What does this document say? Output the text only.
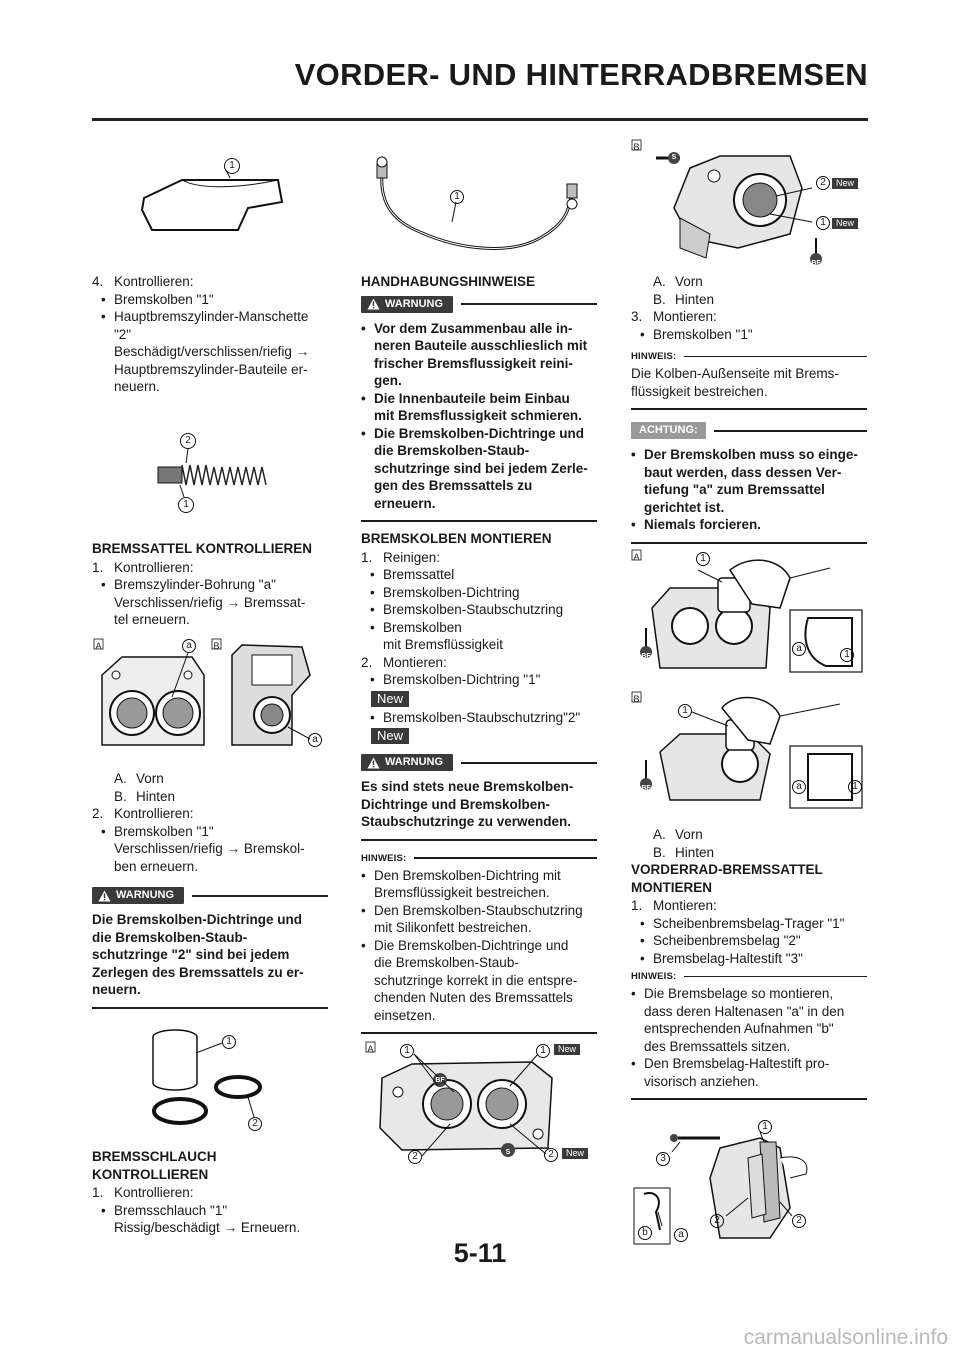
VORDER- UND HINTERRADBREMSEN
1
4. Kontrollieren:
• Bremskolben "1"
• Hauptbremszylinder-Manschette
"2"
Beschädigt/verschlissen/riefig →
Hauptbremszylinder-Bauteile er-
neuern.
2
1
BREMSSATTEL KONTROLLIEREN
1. Kontrollieren:
• Bremszylinder-Bohrung "a"
Verschlissen/riefig → Bremssat-
tel erneuern.
A	B
a
a
A. Vorn
B. Hinten
2. Kontrollieren:
• Bremskolben "1"
Verschlissen/riefig → Bremskol-
ben erneuern.
WARNUNG
Die Bremskolben-Dichtringe und
die Bremskolben-Staub-
schutzringe "2" sind bei jedem
Zerlegen des Bremssattels zu er-
neuern.
1
2
BREMSSCHLAUCH
KONTROLLIEREN
1. Kontrollieren:
• Bremsschlauch "1"
Rissig/beschädigt → Erneuern.
1
HANDHABUNGSHINWEISE
WARNUNG
• Vor dem Zusammenbau alle in-
neren Bauteile ausschlieslich mit
frischer Bremsflussigkeit reini-
gen.
• Die Innenbauteile beim Einbau
mit Bremsflussigkeit schmieren.
• Die Bremskolben-Dichtringe und
die Bremskolben-Staub-
schutzringe sind bei jedem Zerle-
gen des Bremssattels zu
erneuern.
BREMSKOLBEN MONTIEREN
1. Reinigen:
• Bremssattel
• Bremskolben-Dichtring
• Bremskolben-Staubschutzring
• Bremskolben
mit Bremsflüssigkeit
2. Montieren:
• Bremskolben-Dichtring "1"
New
• Bremskolben-Staubschutzring"2"
New
WARNUNG
Es sind stets neue Bremskolben-
Dichtringe und Bremskolben-
Staubschutzringe zu verwenden.
HINWEIS:
• Den Bremskolben-Dichtring mit
Bremsflüssigkeit bestreichen.
• Den Bremskolben-Staubschutzring
mit Silikonfett bestreichen.
• Die Bremskolben-Dichtringe und
die Bremskolben-Staub-
schutzringe korrekt in die entspre-
chenden Nuten des Bremssattels
einsetzen.
A	1	1	New
BF
S
2	2	New
B
S
2	New
1	New
BF
A. Vorn
B. Hinten
3. Montieren:
• Bremskolben "1"
HINWEIS:
Die Kolben-Außenseite mit Brems-
flüssigkeit bestreichen.
ACHTUNG:
• Der Bremskolben muss so einge-
baut werden, dass dessen Ver-
tiefung "a" zum Bremssattel
gerichtet ist.
• Niemals forcieren.
A	1
BF
a
1
B
1
BF	a	1
A. Vorn
B. Hinten
VORDERRAD-BREMSSATTEL
MONTIEREN
1. Montieren:
• Scheibenbremsbelag-Trager "1"
• Scheibenbremsbelag "2"
• Bremsbelag-Haltestift "3"
HINWEIS:
• Die Bremsbelage so montieren,
dass deren Haltenasen "a" in den
entsprechenden Aufnahmen "b"
des Bremssattels sitzen.
• Den Bremsbelag-Haltestift pro-
visorisch anziehen.
1
3
2	2
b	a
5-11
carmanualsonline.info
